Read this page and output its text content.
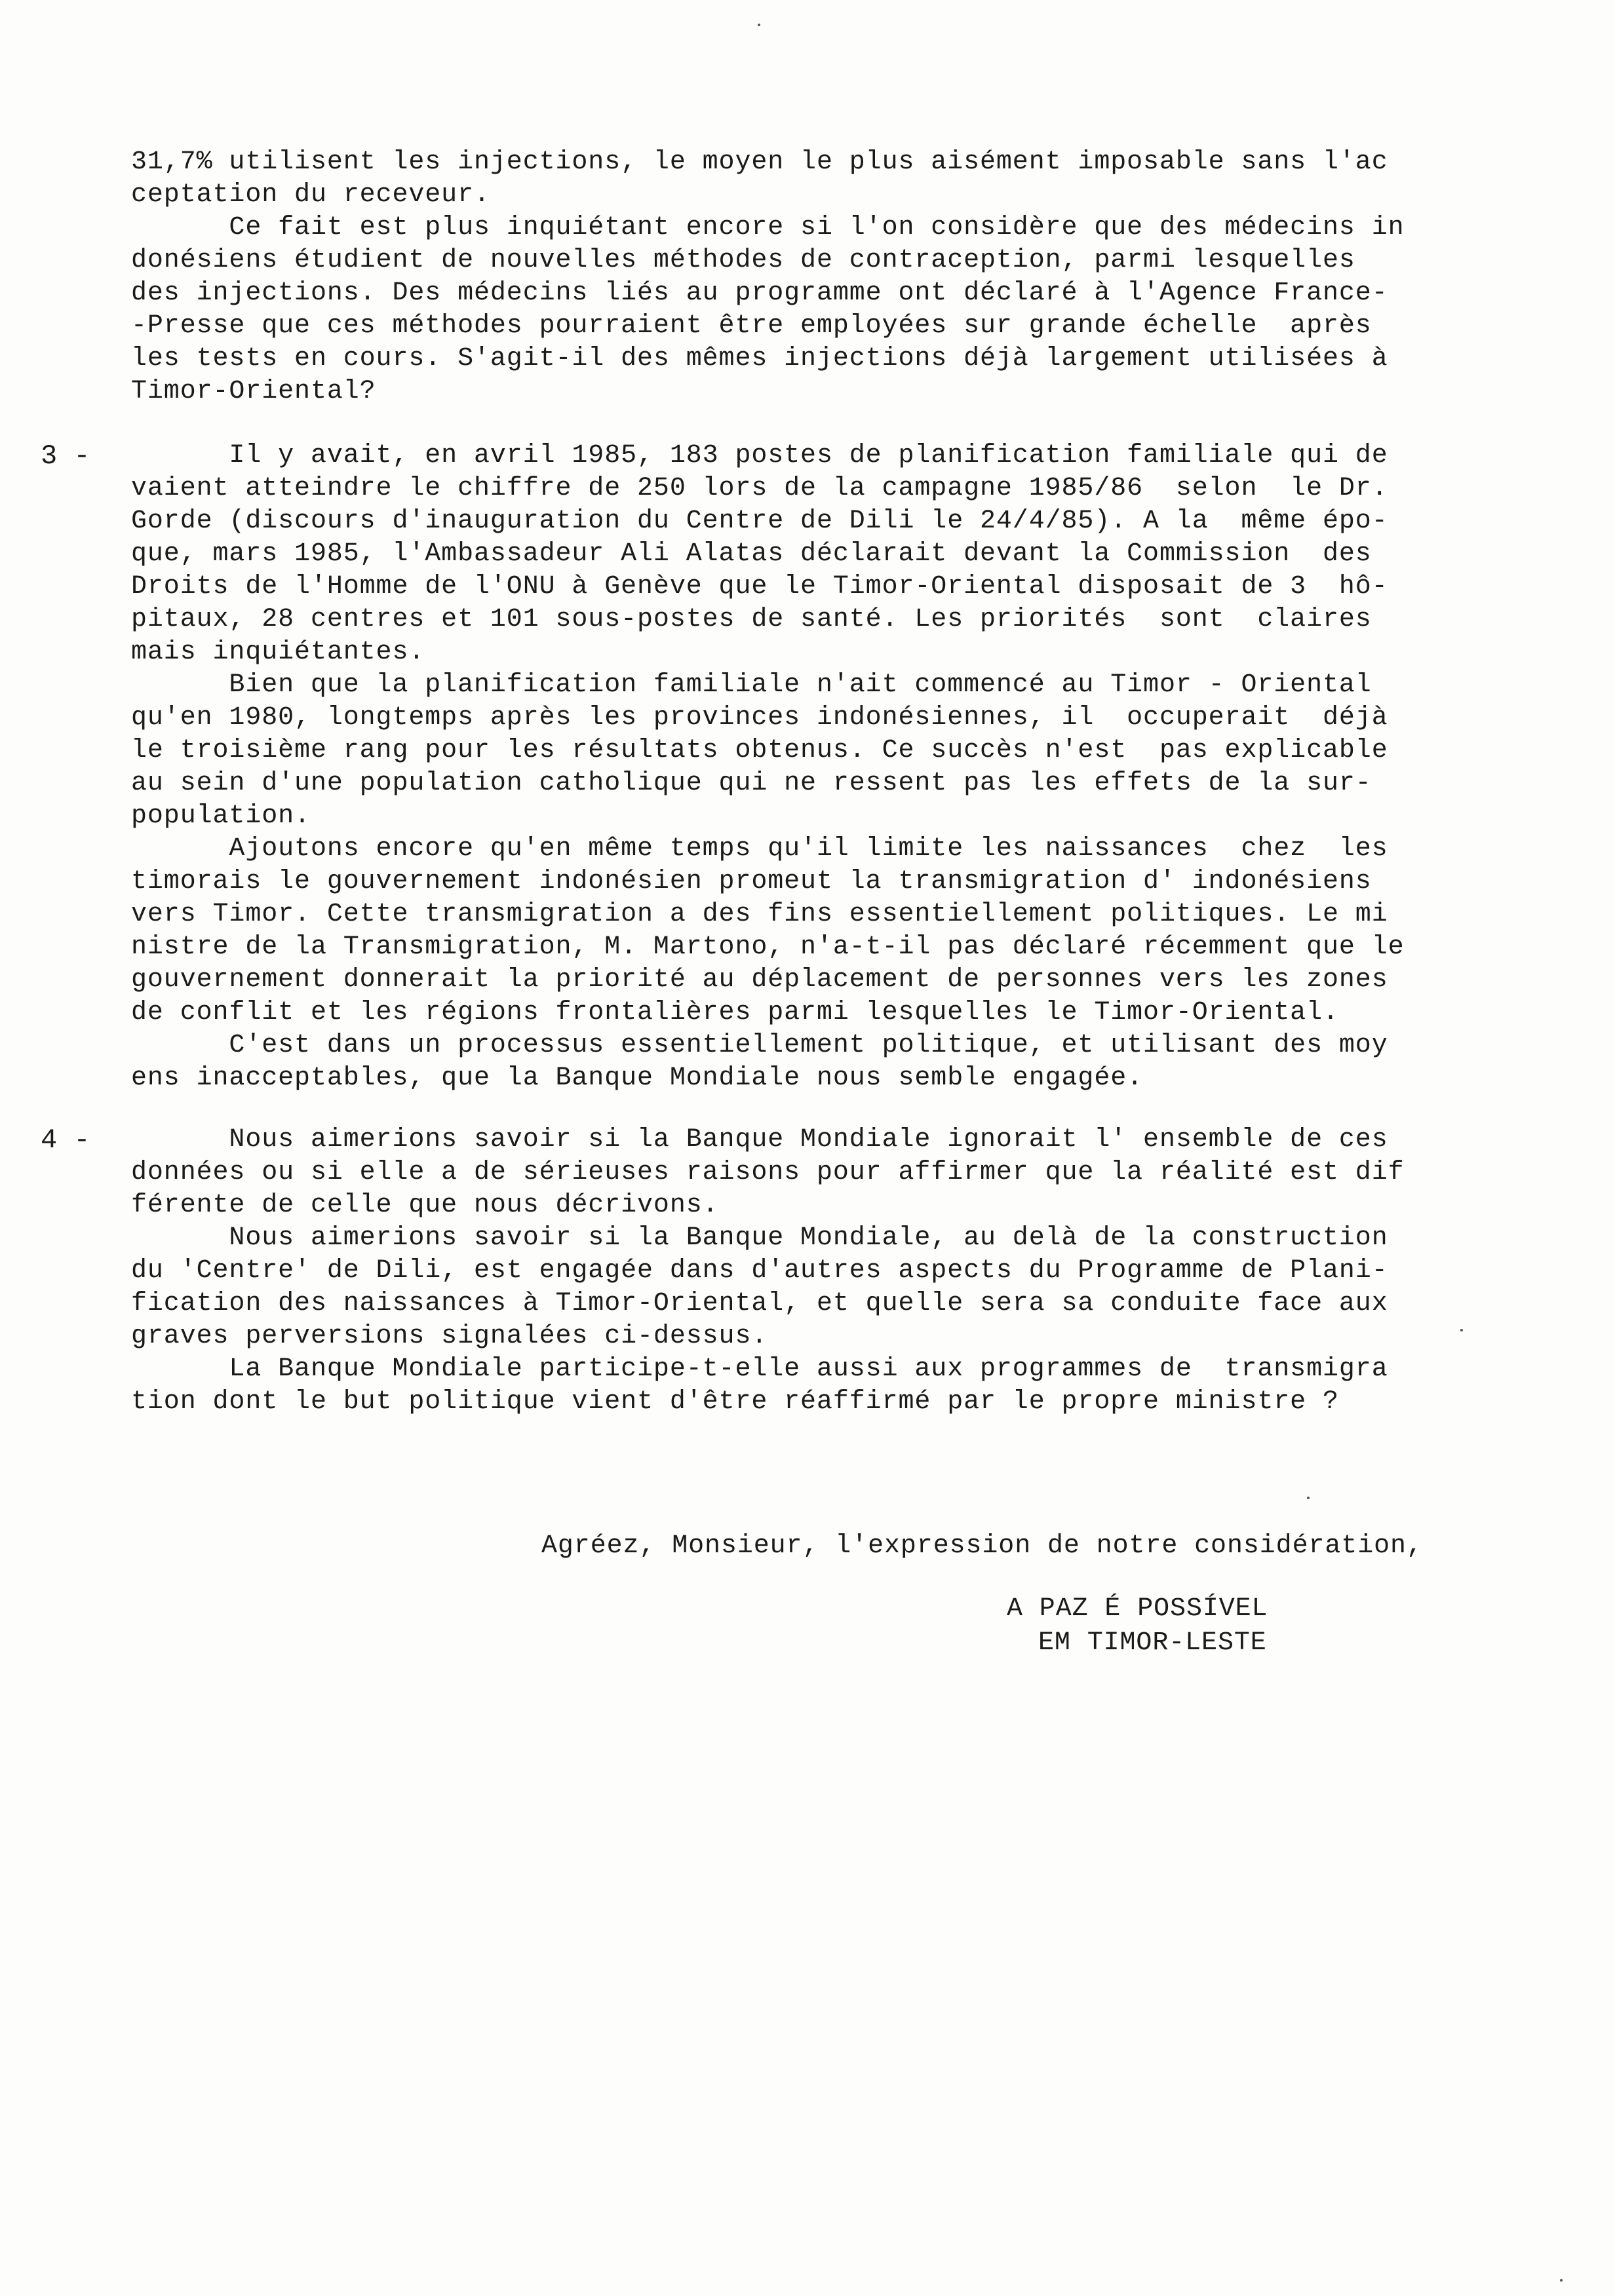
31,7% utilisent les injections, le moyen le plus aisément imposable sans l'ac
ceptation du receveur.
Ce fait est plus inquiétant encore si l'on considère que des médecins in
donésiens étudient de nouvelles méthodes de contraception, parmi lesquelles
des injections. Des médecins liés au programme ont déclaré à l'Agence France-
-Presse que ces méthodes pourraient être employées sur grande échelle  après
les tests en cours. S'agit-il des mêmes injections déjà largement utilisées à
Timor-Oriental?
3 - Il y avait, en avril 1985, 183 postes de planification familiale qui de
vaient atteindre le chiffre de 250 lors de la campagne 1985/86  selon  le Dr.
Gorde (discours d'inauguration du Centre de Dili le 24/4/85). A la  même épo-
que, mars 1985, l'Ambassadeur Ali Alatas déclarait devant la Commission  des
Droits de l'Homme de l'ONU à Genève que le Timor-Oriental disposait de 3  hô-
pitaux, 28 centres et 101 sous-postes de santé. Les priorités  sont  claires
mais inquiétantes.
Bien que la planification familiale n'ait commencé au Timor - Oriental
qu'en 1980, longtemps après les provinces indonésiennes, il  occuperait  déjà
le troisième rang pour les résultats obtenus. Ce succès n'est  pas explicable
au sein d'une population catholique qui ne ressent pas les effets de la sur-
population.
Ajoutons encore qu'en même temps qu'il limite les naissances  chez  les
timorais le gouvernement indonésien promeut la transmigration d' indonésiens
vers Timor. Cette transmigration a des fins essentiellement politiques. Le mi
nistre de la Transmigration, M. Martono, n'a-t-il pas déclaré récemment que le
gouvernement donnerait la priorité au déplacement de personnes vers les zones
de conflit et les régions frontalières parmi lesquelles le Timor-Oriental.
C'est dans un processus essentiellement politique, et utilisant des moy
ens inacceptables, que la Banque Mondiale nous semble engagée.
4 - Nous aimerions savoir si la Banque Mondiale ignorait l' ensemble de ces
données ou si elle a de sérieuses raisons pour affirmer que la réalité est dif
férente de celle que nous décrivons.
Nous aimerions savoir si la Banque Mondiale, au delà de la construction
du 'Centre' de Dili, est engagée dans d'autres aspects du Programme de Plani-
fication des naissances à Timor-Oriental, et quelle sera sa conduite face aux
graves perversions signalées ci-dessus.
La Banque Mondiale participe-t-elle aussi aux programmes de  transmigra
tion dont le but politique vient d'être réaffirmé par le propre ministre ?
Agréez, Monsieur, l'expression de notre considération,
A PAZ É POSSÍVEL
EM TIMOR-LESTE
